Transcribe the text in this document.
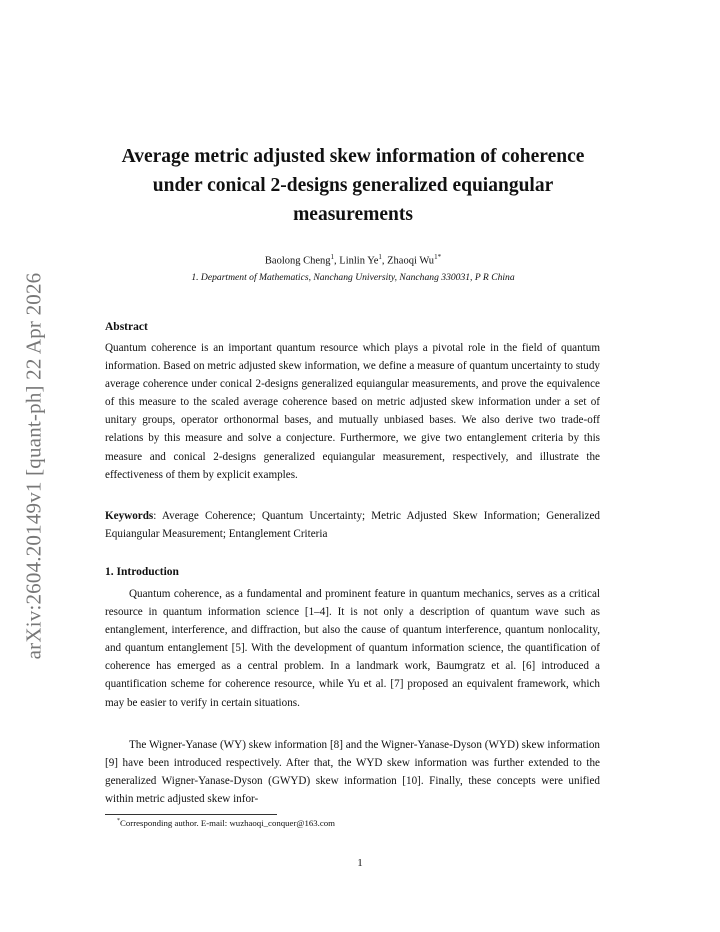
arXiv:2604.20149v1 [quant-ph] 22 Apr 2026
Average metric adjusted skew information of coherence under conical 2-designs generalized equiangular measurements
Baolong Cheng$^1$, Linlin Ye$^1$, Zhaoqi $Wu^{1*}$
1. Department of Mathematics, Nanchang University, Nanchang 330031, P R China
Abstract
Quantum coherence is an important quantum resource which plays a pivotal role in the field of quantum information. Based on metric adjusted skew information, we define a measure of quantum uncertainty to study average coherence under conical 2-designs generalized equiangular measurements, and prove the equivalence of this measure to the scaled average coherence based on metric adjusted skew information under a set of unitary groups, operator orthonormal bases, and mutually unbiased bases. We also derive two trade-off relations by this measure and solve a conjecture. Furthermore, we give two entanglement criteria by this measure and conical 2-designs generalized equiangular measurement, respectively, and illustrate the effectiveness of them by explicit examples.
Keywords: Average Coherence; Quantum Uncertainty; Metric Adjusted Skew Information; Generalized Equiangular Measurement; Entanglement Criteria
1. Introduction
Quantum coherence, as a fundamental and prominent feature in quantum mechanics, serves as a critical resource in quantum information science [1–4]. It is not only a description of quantum wave such as entanglement, interference, and diffraction, but also the cause of quantum interference, quantum nonlocality, and quantum entanglement [5]. With the development of quantum information science, the quantification of coherence has emerged as a central problem. In a landmark work, Baumgratz et al. [6] introduced a quantification scheme for coherence resource, while Yu et al. [7] proposed an equivalent framework, which may be easier to verify in certain situations.
The Wigner-Yanase (WY) skew information [8] and the Wigner-Yanase-Dyson (WYD) skew information [9] have been introduced respectively. After that, the WYD skew information was further extended to the generalized Wigner-Yanase-Dyson (GWYD) skew information [10]. Finally, these concepts were unified within metric adjusted skew infor-
*Corresponding author. E-mail: wuzhaoqi_conquer@163.com
1
